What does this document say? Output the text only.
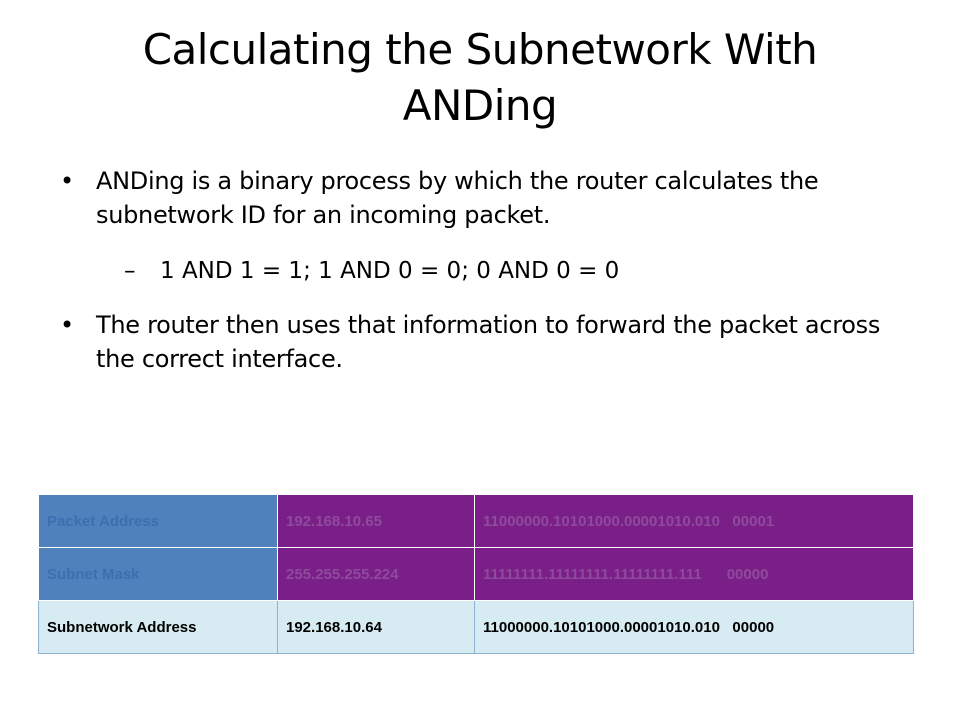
Calculating the Subnetwork With ANDing
• ANDing is a binary process by which the router calculates the subnetwork ID for an incoming packet.
– 1 AND 1 = 1; 1 AND 0 = 0; 0 AND 0 = 0
• The router then uses that information to forward the packet across the correct interface.
Packet Address	192.168.10.65	11000000.10101000.00001010.010   00001
Subnet Mask	255.255.255.224	11111111.11111111.11111111.111      00000
Subnetwork Address	192.168.10.64	11000000.10101000.00001010.010   00000
